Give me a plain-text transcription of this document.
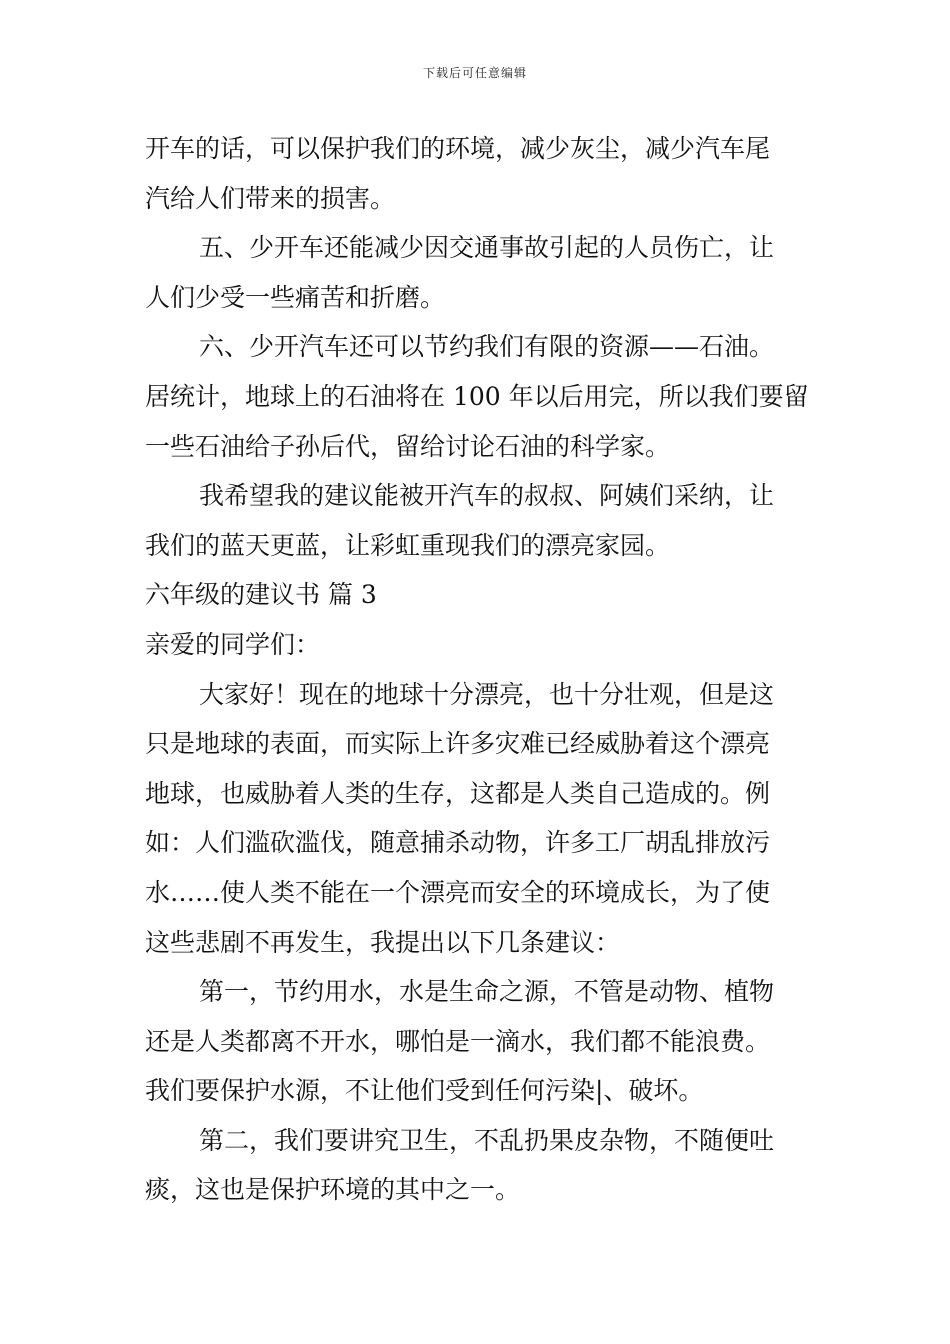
下载后可任意编辑
开车的话，可以保护我们的环境，减少灰尘，减少汽车尾
汽给人们带来的损害。
五、少开车还能减少因交通事故引起的人员伤亡，让
人们少受一些痛苦和折磨。
六、少开汽车还可以节约我们有限的资源——石油。
居统计，地球上的石油将在 100 年以后用完，所以我们要留
一些石油给子孙后代，留给讨论石油的科学家。
我希望我的建议能被开汽车的叔叔、阿姨们采纳，让
我们的蓝天更蓝，让彩虹重现我们的漂亮家园。
六年级的建议书 篇 3
亲爱的同学们：
大家好！现在的地球十分漂亮，也十分壮观，但是这
只是地球的表面，而实际上许多灾难已经威胁着这个漂亮
地球，也威胁着人类的生存，这都是人类自己造成的。例
如：人们滥砍滥伐，随意捕杀动物，许多工厂胡乱排放污
水……使人类不能在一个漂亮而安全的环境成长，为了使
这些悲剧不再发生，我提出以下几条建议：
第一，节约用水，水是生命之源，不管是动物、植物
还是人类都离不开水，哪怕是一滴水，我们都不能浪费。
我们要保护水源，不让他们受到任何污染|、破坏。
第二，我们要讲究卫生，不乱扔果皮杂物，不随便吐
痰，这也是保护环境的其中之一。
